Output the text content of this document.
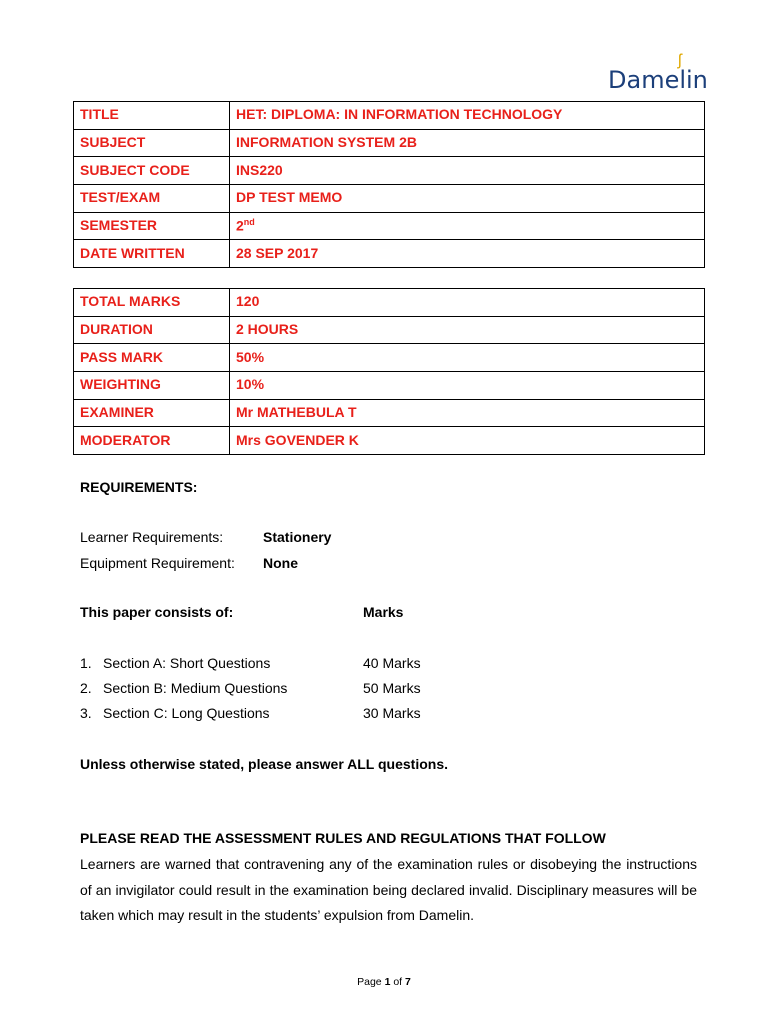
ʃ
Damelin
TITLE	HET: DIPLOMA: IN INFORMATION TECHNOLOGY
SUBJECT	INFORMATION SYSTEM 2B
SUBJECT CODE	INS220
TEST/EXAM	DP TEST MEMO
SEMESTER	2nd
DATE WRITTEN	28 SEP 2017
TOTAL MARKS	120
DURATION	2 HOURS
PASS MARK	50%
WEIGHTING	10%
EXAMINER	Mr MATHEBULA T
MODERATOR	Mrs GOVENDER K
REQUIREMENTS:
Learner Requirements:	Stationery
Equipment Requirement: None
This paper consists of:	Marks
1. Section A: Short Questions	40 Marks
2. Section B: Medium Questions	50 Marks
3. Section C: Long Questions	30 Marks
Unless otherwise stated, please answer ALL questions.
PLEASE READ THE ASSESSMENT RULES AND REGULATIONS THAT FOLLOW
Learners are warned that contravening any of the examination rules or disobeying the instructions of an invigilator could result in the examination being declared invalid. Disciplinary measures will be taken which may result in the students’ expulsion from Damelin.
Page 1 of 7
